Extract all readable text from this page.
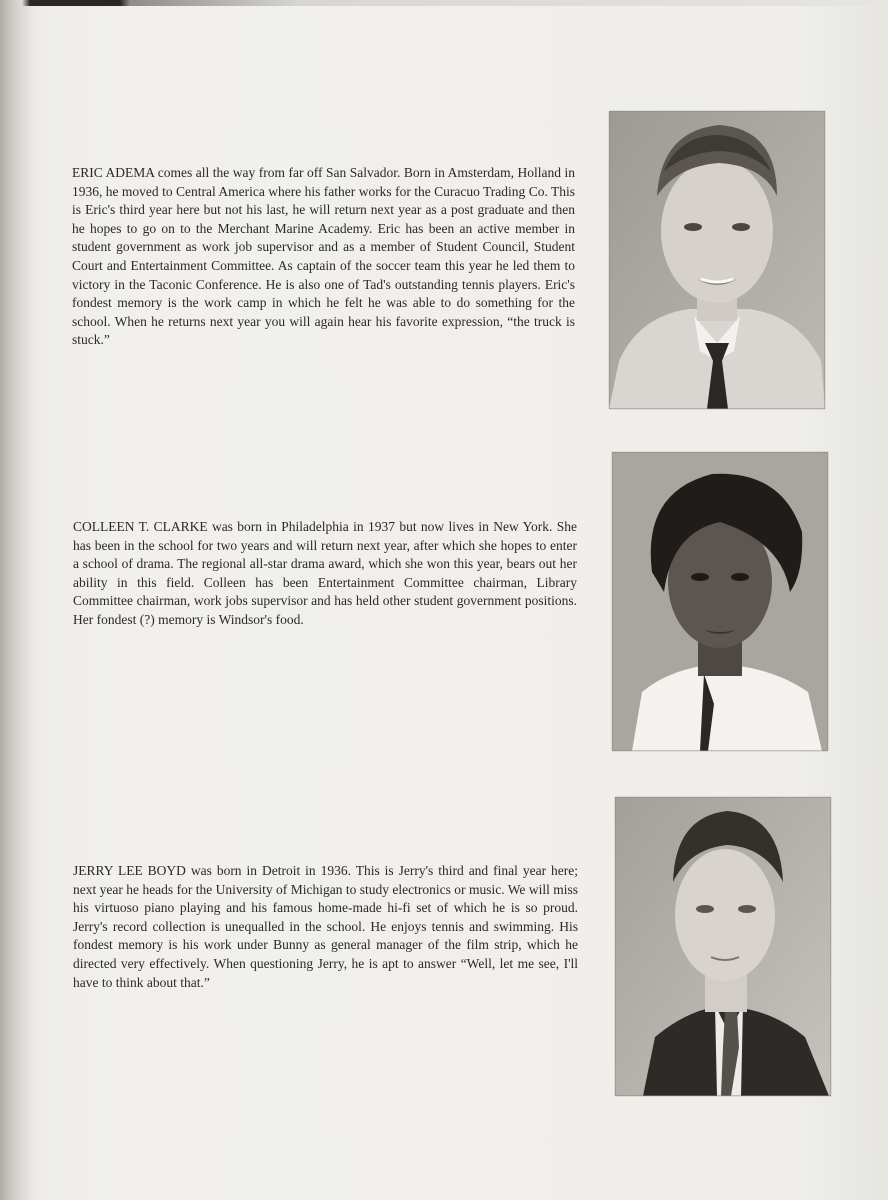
ERIC ADEMA comes all the way from far off San Salvador. Born in Amsterdam, Holland in 1936, he moved to Central America where his father works for the Curacuo Trading Co. This is Eric's third year here but not his last, he will return next year as a post graduate and then he hopes to go on to the Merchant Marine Academy. Eric has been an active member in student government as work job supervisor and as a member of Student Council, Student Court and Entertainment Committee. As captain of the soccer team this year he led them to victory in the Taconic Conference. He is also one of Tad's outstanding tennis players. Eric's fondest memory is the work camp in which he felt he was able to do something for the school. When he returns next year you will again hear his favorite expression, “the truck is stuck.”

COLLEEN T. CLARKE was born in Philadelphia in 1937 but now lives in New York. She has been in the school for two years and will return next year, after which she hopes to enter a school of drama. The regional all-star drama award, which she won this year, bears out her ability in this field. Colleen has been Entertainment Committee chairman, Library Committee chairman, work jobs supervisor and has held other student government positions. Her fondest (?) memory is Windsor's food.

JERRY LEE BOYD was born in Detroit in 1936. This is Jerry's third and final year here; next year he heads for the University of Michigan to study electronics or music. We will miss his virtuoso piano playing and his famous home-made hi-fi set of which he is so proud. Jerry's record collection is unequalled in the school. He enjoys tennis and swimming. His fondest memory is his work under Bunny as general manager of the film strip, which he directed very effectively. When questioning Jerry, he is apt to answer “Well, let me see, I'll have to think about that.”
